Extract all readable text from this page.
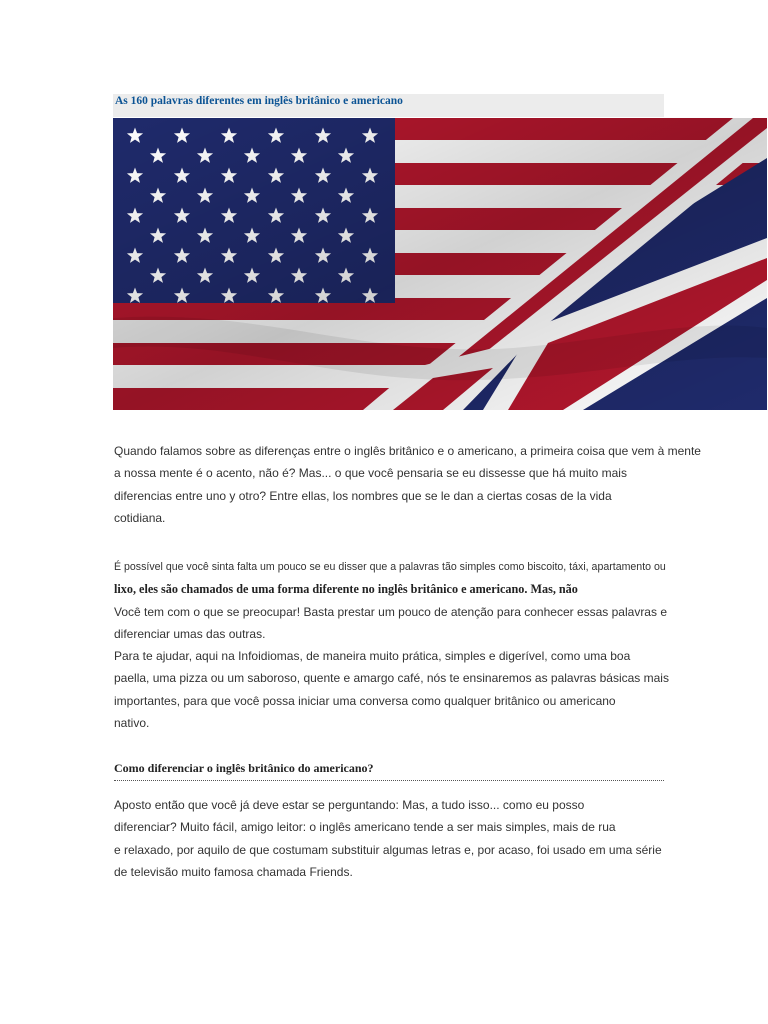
As 160 palavras diferentes em inglês britânico e americano

Quando falamos sobre as diferenças entre o inglês britânico e o americano, a primeira coisa que vem à mente
a nossa mente é o acento, não é? Mas... o que você pensaria se eu dissesse que há muito mais
diferencias entre uno y otro? Entre ellas, los nombres que se le dan a ciertas cosas de la vida
cotidiana.

É possível que você sinta falta um pouco se eu disser que a palavras tão simples como biscoito, táxi, apartamento ou
lixo, eles são chamados de uma forma diferente no inglês britânico e americano. Mas, não
Você tem com o que se preocupar! Basta prestar um pouco de atenção para conhecer essas palavras e
diferenciar umas das outras.
Para te ajudar, aqui na Infoidiomas, de maneira muito prática, simples e digerível, como uma boa
paella, uma pizza ou um saboroso, quente e amargo café, nós te ensinaremos as palavras básicas mais
importantes, para que você possa iniciar uma conversa como qualquer britânico ou americano
nativo.

Como diferenciar o inglês britânico do americano?

Aposto então que você já deve estar se perguntando: Mas, a tudo isso... como eu posso
diferenciar? Muito fácil, amigo leitor: o inglês americano tende a ser mais simples, mais de rua
e relaxado, por aquilo de que costumam substituir algumas letras e, por acaso, foi usado em uma série
de televisão muito famosa chamada Friends.
